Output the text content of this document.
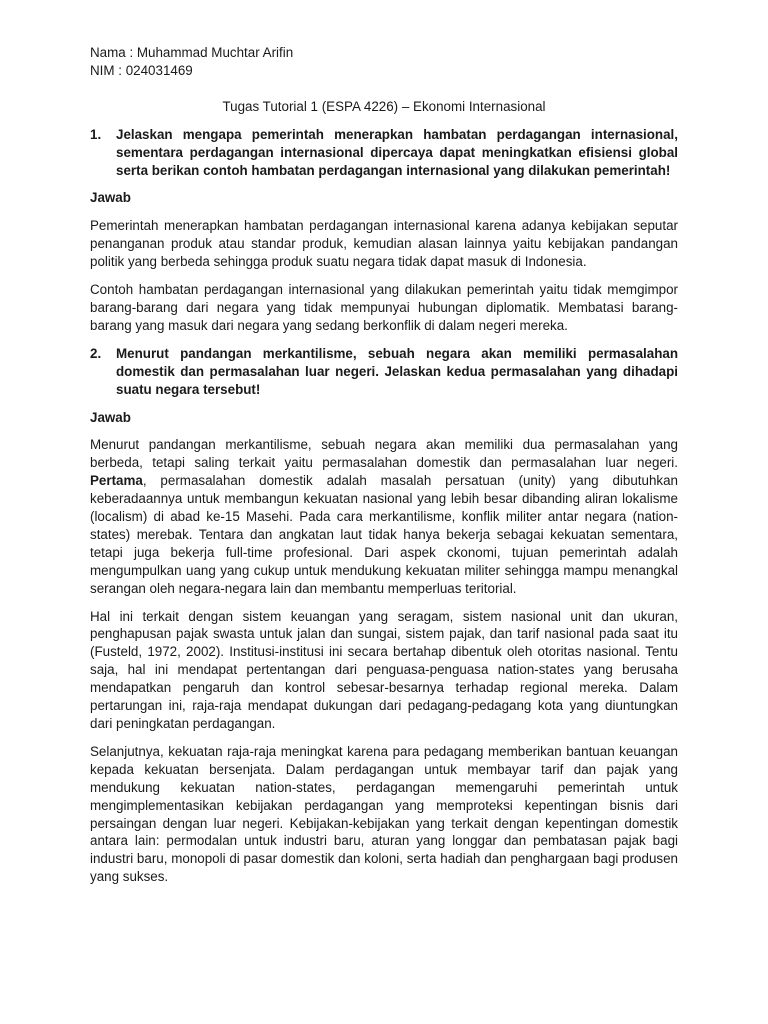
Nama : Muhammad Muchtar Arifin

NIM : 024031469

Tugas Tutorial 1 (ESPA 4226) – Ekonomi Internasional

1.	Jelaskan mengapa pemerintah menerapkan hambatan perdagangan internasional, sementara perdagangan internasional dipercaya dapat meningkatkan efisiensi global serta berikan contoh hambatan perdagangan internasional yang dilakukan pemerintah!

Jawab

Pemerintah menerapkan hambatan perdagangan internasional karena adanya kebijakan seputar penanganan produk atau standar produk, kemudian alasan lainnya yaitu kebijakan pandangan politik yang berbeda sehingga produk suatu negara tidak dapat masuk di Indonesia.

Contoh hambatan perdagangan internasional yang dilakukan pemerintah yaitu tidak memgimpor barang-barang dari negara yang tidak mempunyai hubungan diplomatik. Membatasi barang-barang yang masuk dari negara yang sedang berkonflik di dalam negeri mereka.

2.	Menurut pandangan merkantilisme, sebuah negara akan memiliki permasalahan domestik dan permasalahan luar negeri. Jelaskan kedua permasalahan yang dihadapi suatu negara tersebut!

Jawab

Menurut pandangan merkantilisme, sebuah negara akan memiliki dua permasalahan yang berbeda, tetapi saling terkait yaitu permasalahan domestik dan permasalahan luar negeri. Pertama, permasalahan domestik adalah masalah persatuan (unity) yang dibutuhkan keberadaannya untuk membangun kekuatan nasional yang lebih besar dibanding aliran lokalisme (localism) di abad ke-15 Masehi. Pada cara merkantilisme, konflik militer antar negara (nation-states) merebak. Tentara dan angkatan laut tidak hanya bekerja sebagai kekuatan sementara, tetapi juga bekerja full-time profesional. Dari aspek ckonomi, tujuan pemerintah adalah mengumpulkan uang yang cukup untuk mendukung kekuatan militer sehingga mampu menangkal serangan oleh negara-negara lain dan membantu memperluas teritorial.

Hal ini terkait dengan sistem keuangan yang seragam, sistem nasional unit dan ukuran, penghapusan pajak swasta untuk jalan dan sungai, sistem pajak, dan tarif nasional pada saat itu (Fusteld, 1972, 2002). Institusi-institusi ini secara bertahap dibentuk oleh otoritas nasional. Tentu saja, hal ini mendapat pertentangan dari penguasa-penguasa nation-states yang berusaha mendapatkan pengaruh dan kontrol sebesar-besarnya terhadap regional mereka. Dalam pertarungan ini, raja-raja mendapat dukungan dari pedagang-pedagang kota yang diuntungkan dari peningkatan perdagangan.

Selanjutnya, kekuatan raja-raja meningkat karena para pedagang memberikan bantuan keuangan kepada kekuatan bersenjata. Dalam perdagangan untuk membayar tarif dan pajak yang mendukung kekuatan nation-states, perdagangan memengaruhi pemerintah untuk mengimplementasikan kebijakan perdagangan yang memproteksi kepentingan bisnis dari persaingan dengan luar negeri. Kebijakan-kebijakan yang terkait dengan kepentingan domestik antara lain: permodalan untuk industri baru, aturan yang longgar dan pembatasan pajak bagi industri baru, monopoli di pasar domestik dan koloni, serta hadiah dan penghargaan bagi produsen yang sukses.
